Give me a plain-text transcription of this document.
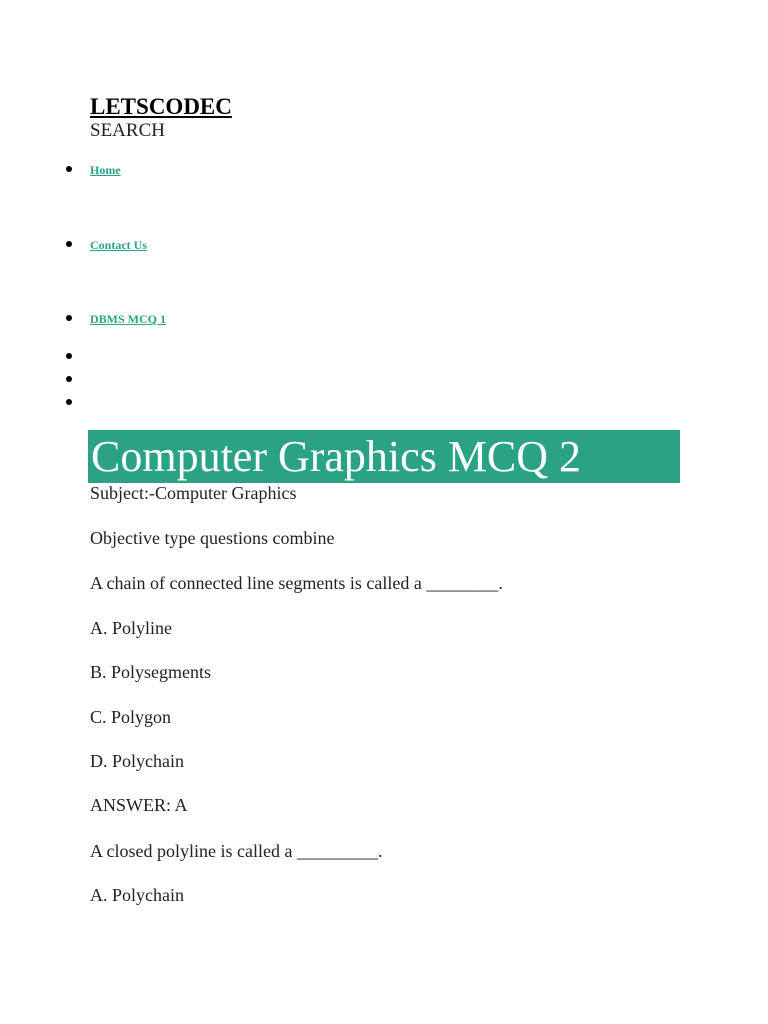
LETSCODEC
SEARCH
Home
Contact Us
DBMS MCQ 1
Computer Graphics MCQ 2
Subject:-Computer Graphics
Objective type questions combine
A chain of connected line segments is called a ________.
A. Polyline
B. Polysegments
C. Polygon
D. Polychain
ANSWER: A
A closed polyline is called a _________.
A. Polychain
